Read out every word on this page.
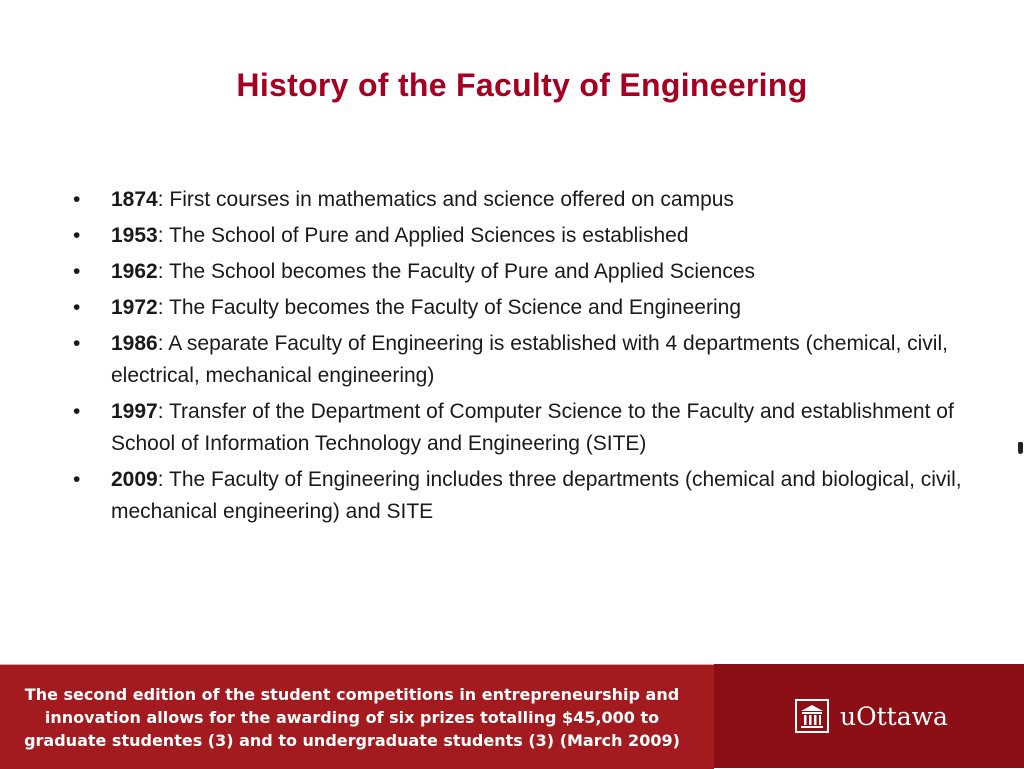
History of the Faculty of Engineering
•	1874: First courses in mathematics and science offered on campus
•	1953: The School of Pure and Applied Sciences is established
•	1962: The School becomes the Faculty of Pure and Applied Sciences
•	1972: The Faculty becomes the Faculty of Science and Engineering
•	1986: A separate Faculty of Engineering is established with 4 departments (chemical, civil, electrical, mechanical engineering)
•	1997: Transfer of the Department of Computer Science to the Faculty and establishment of School of Information Technology and Engineering (SITE)
•	2009: The Faculty of Engineering includes three departments (chemical and biological, civil, mechanical engineering) and SITE
The second edition of the student competitions in entrepreneurship and innovation allows for the awarding of six prizes totalling $45,000 to graduate studentes (3) and to undergraduate students (3) (March 2009)
uOttawa
